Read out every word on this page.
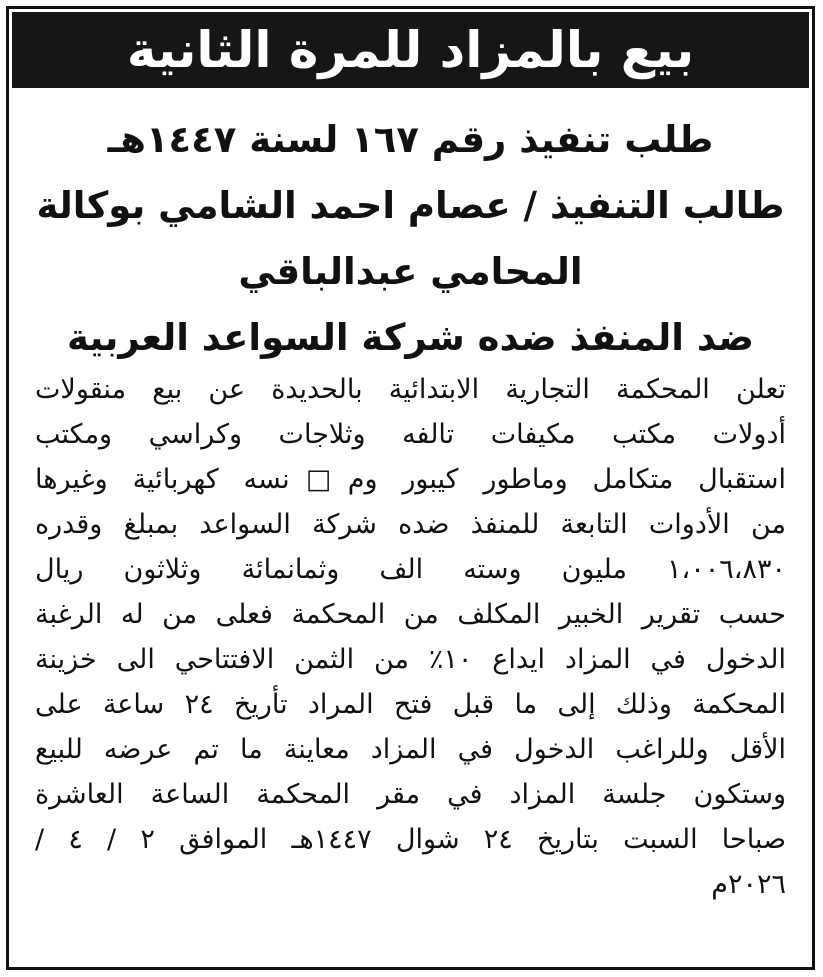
بيع بالمزاد للمرة الثانية
طلب تنفيذ رقم ١٦٧ لسنة ١٤٤٧هـ
طالب التنفيذ / عصام احمد الشامي بوكالة
المحامي عبدالباقي
ضد المنفذ ضده شركة السواعد العربية
تعلن المحكمة التجارية الابتدائية بالحديدة عن بيع منقولات
أدولات مكتب مكيفات تالفه وثلاجات وكراسي ومكتب
استقبال متكامل وماطور كيبور وم□نسه كهربائية وغيرها
من الأدوات التابعة للمنفذ ضده شركة السواعد بمبلغ وقدره
١،٠٠٦،٨٣٠ مليون وسته الف وثمانمائة وثلاثون ريال
حسب تقرير الخبير المكلف من المحكمة فعلى من له الرغبة
الدخول في المزاد ايداع ١٠٪ من الثمن الافتتاحي الى خزينة
المحكمة وذلك إلى ما قبل فتح المراد تأريخ ٢٤ ساعة على
الأقل وللراغب الدخول في المزاد معاينة ما تم عرضه للبيع
وستكون جلسة المزاد في مقر المحكمة الساعة العاشرة
صباحا السبت بتاريخ ٢٤ شوال ١٤٤٧هـ الموافق ٢ / ٤ /
٢٠٢٦م
